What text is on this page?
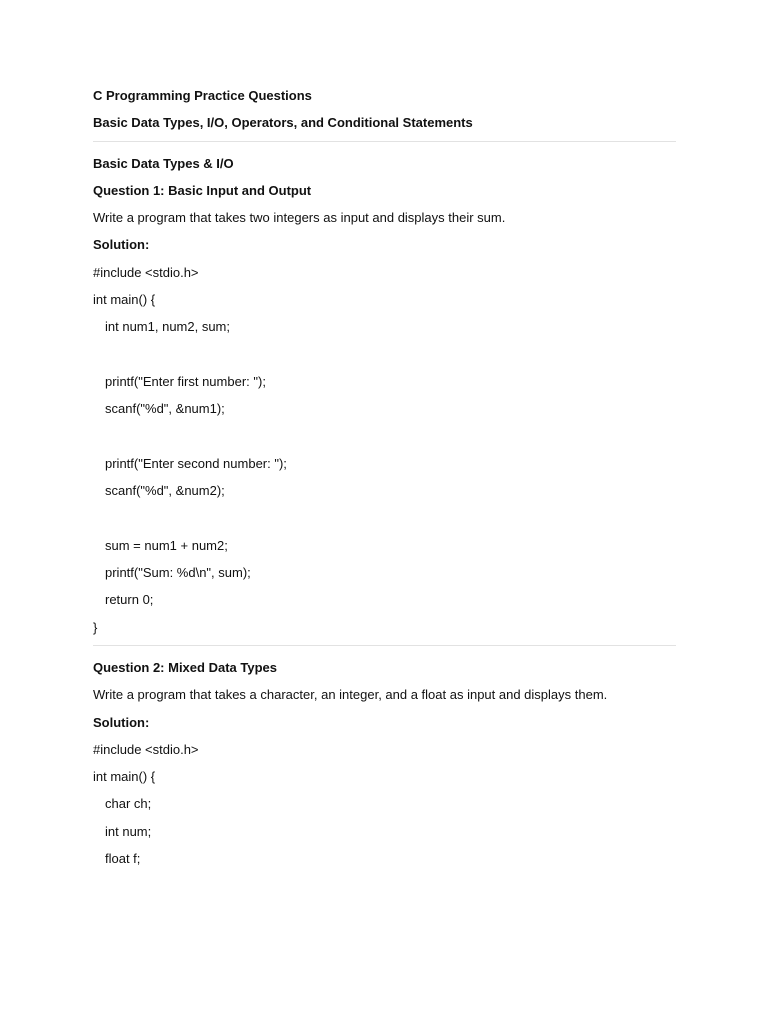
C Programming Practice Questions
Basic Data Types, I/O, Operators, and Conditional Statements
Basic Data Types & I/O
Question 1: Basic Input and Output
Write a program that takes two integers as input and displays their sum.
Solution:
#include <stdio.h>
int main() {
int num1, num2, sum;
printf("Enter first number: ");
scanf("%d", &num1);
printf("Enter second number: ");
scanf("%d", &num2);
sum = num1 + num2;
printf("Sum: %d\n", sum);
return 0;
}
Question 2: Mixed Data Types
Write a program that takes a character, an integer, and a float as input and displays them.
Solution:
#include <stdio.h>
int main() {
char ch;
int num;
float f;
